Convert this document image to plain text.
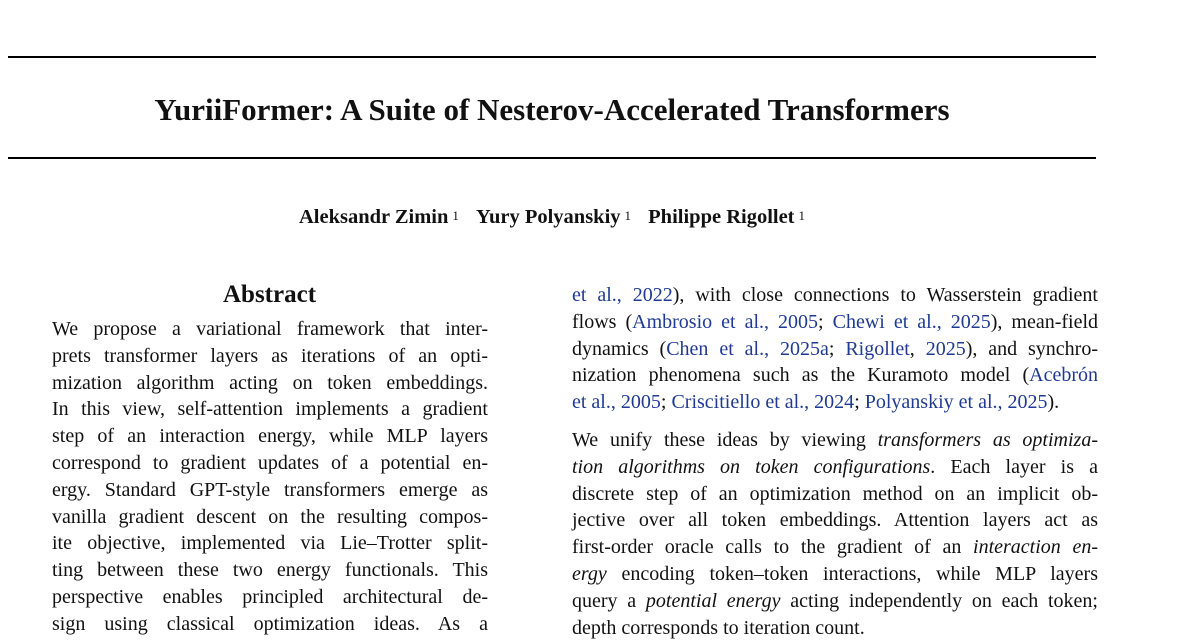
YuriiFormer: A Suite of Nesterov-Accelerated Transformers
Aleksandr Zimin $^1$ Yury Polyanskiy $^1$ Philippe Rigollet $^1$
Abstract
We propose a variational framework that inter-
prets transformer layers as iterations of an opti-
mization algorithm acting on token embeddings.
In this view, self-attention implements a gradient
step of an interaction energy, while MLP layers
correspond to gradient updates of a potential en-
ergy. Standard GPT-style transformers emerge as
vanilla gradient descent on the resulting compos-
ite objective, implemented via Lie–Trotter split-
ting between these two energy functionals. This
perspective enables principled architectural de-
sign using classical optimization ideas. As a

et al., 2022), with close connections to Wasserstein gradient
flows (Ambrosio et al., 2005; Chewi et al., 2025), mean-field
dynamics (Chen et al., 2025a; Rigollet, 2025), and synchro-
nization phenomena such as the Kuramoto model (Acebrón
et al., 2005; Criscitiello et al., 2024; Polyanskiy et al., 2025).

We unify these ideas by viewing transformers as optimiza-
tion algorithms on token configurations. Each layer is a
discrete step of an optimization method on an implicit ob-
jective over all token embeddings. Attention layers act as
first-order oracle calls to the gradient of an interaction en-
ergy encoding token–token interactions, while MLP layers
query a potential energy acting independently on each token;
depth corresponds to iteration count.
